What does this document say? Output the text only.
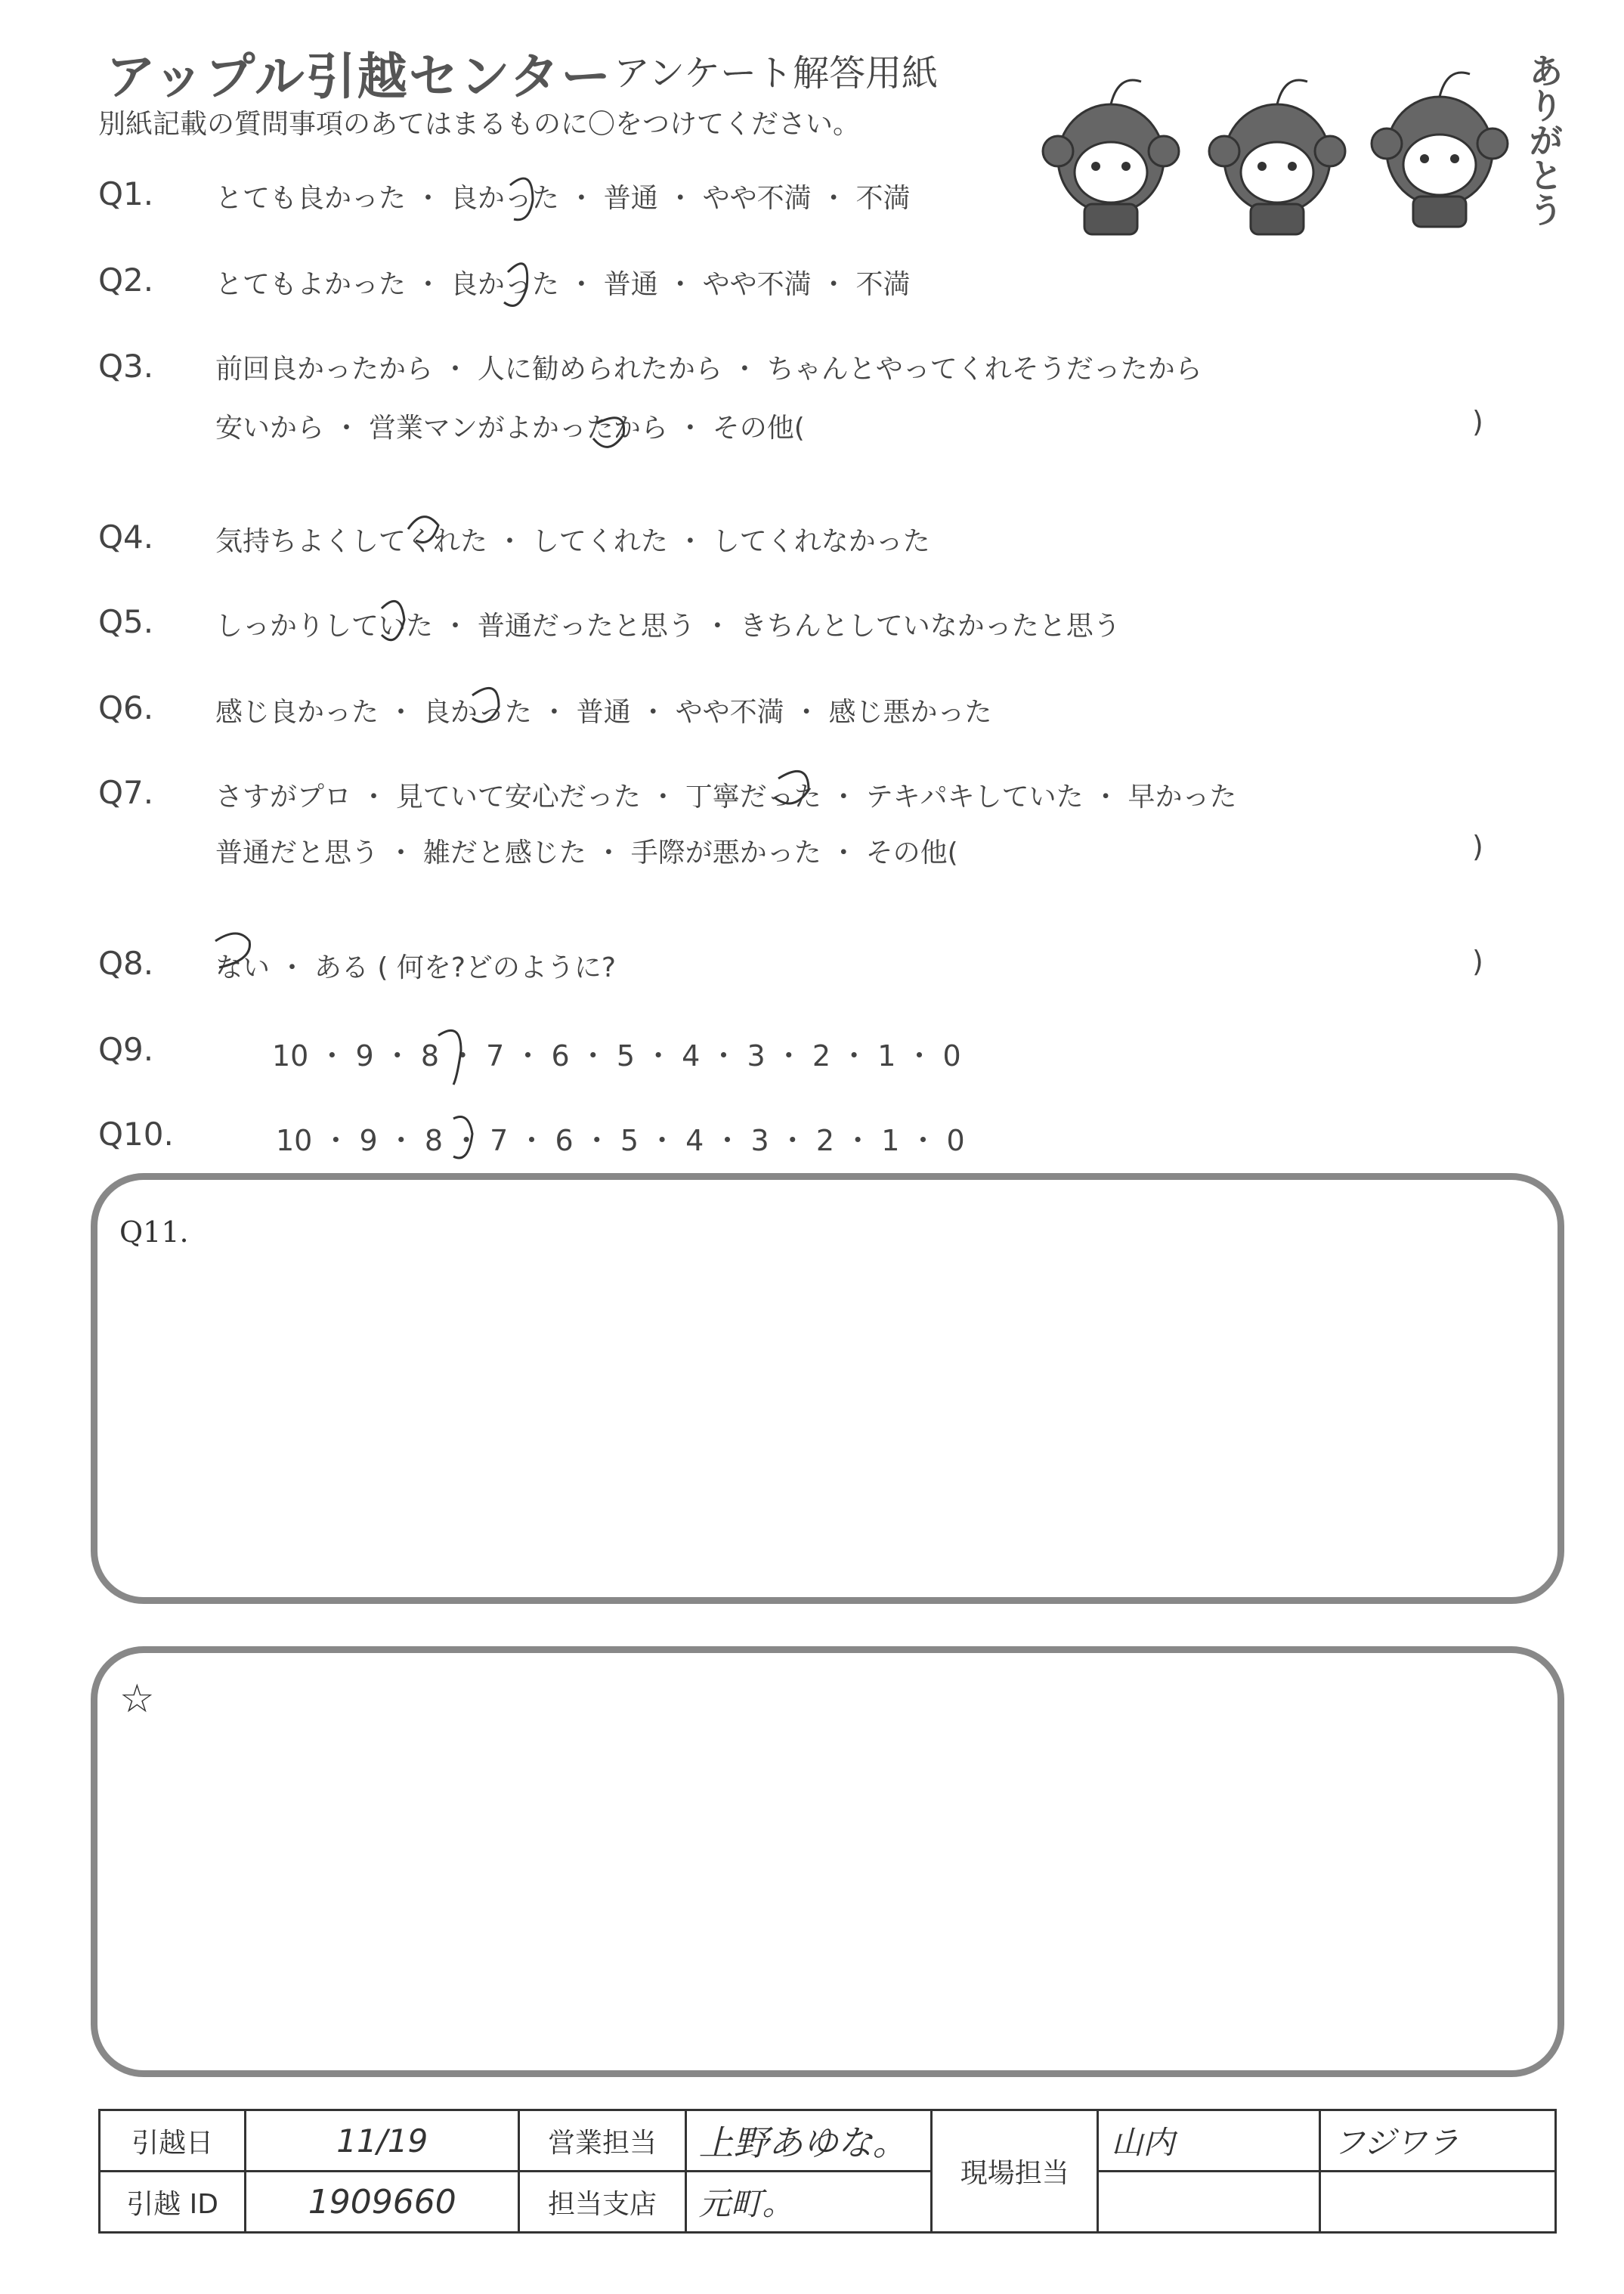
アップル引越センター アンケート解答用紙
別紙記載の質問事項のあてはまるものに〇をつけてください。	ありがとう
Q1. とても良かった ・ 良かった ・ 普通 ・ やや不満 ・ 不満
Q2. とてもよかった ・ 良かった ・ 普通 ・ やや不満 ・ 不満
Q3. 前回良かったから ・ 人に勧められたから ・ ちゃんとやってくれそうだったから
安いから ・ 営業マンがよかったから ・ その他(	)
Q4. 気持ちよくしてくれた ・ してくれた ・ してくれなかった
Q5. しっかりしていた ・ 普通だったと思う ・ きちんとしていなかったと思う
Q6. 感じ良かった ・ 良かった ・ 普通 ・ やや不満 ・ 感じ悪かった
Q7. さすがプロ ・ 見ていて安心だった ・ 丁寧だった ・ テキパキしていた ・ 早かった
普通だと思う ・ 雑だと感じた ・ 手際が悪かった ・ その他(	)
Q8. ない ・ ある ( 何を?どのように?	)
Q9.	10 ・ 9 ・ 8 ・ 7 ・ 6 ・ 5 ・ 4 ・ 3 ・ 2 ・ 1 ・ 0
Q10.	10 ・ 9 ・ 8 ・ 7 ・ 6 ・ 5 ・ 4 ・ 3 ・ 2 ・ 1 ・ 0
Q11.
☆
引越日	11/19	営業担当	上野あゆな。	現場担当	山内	フジワラ
引越 ID	1909660	担当支店	元町。			
